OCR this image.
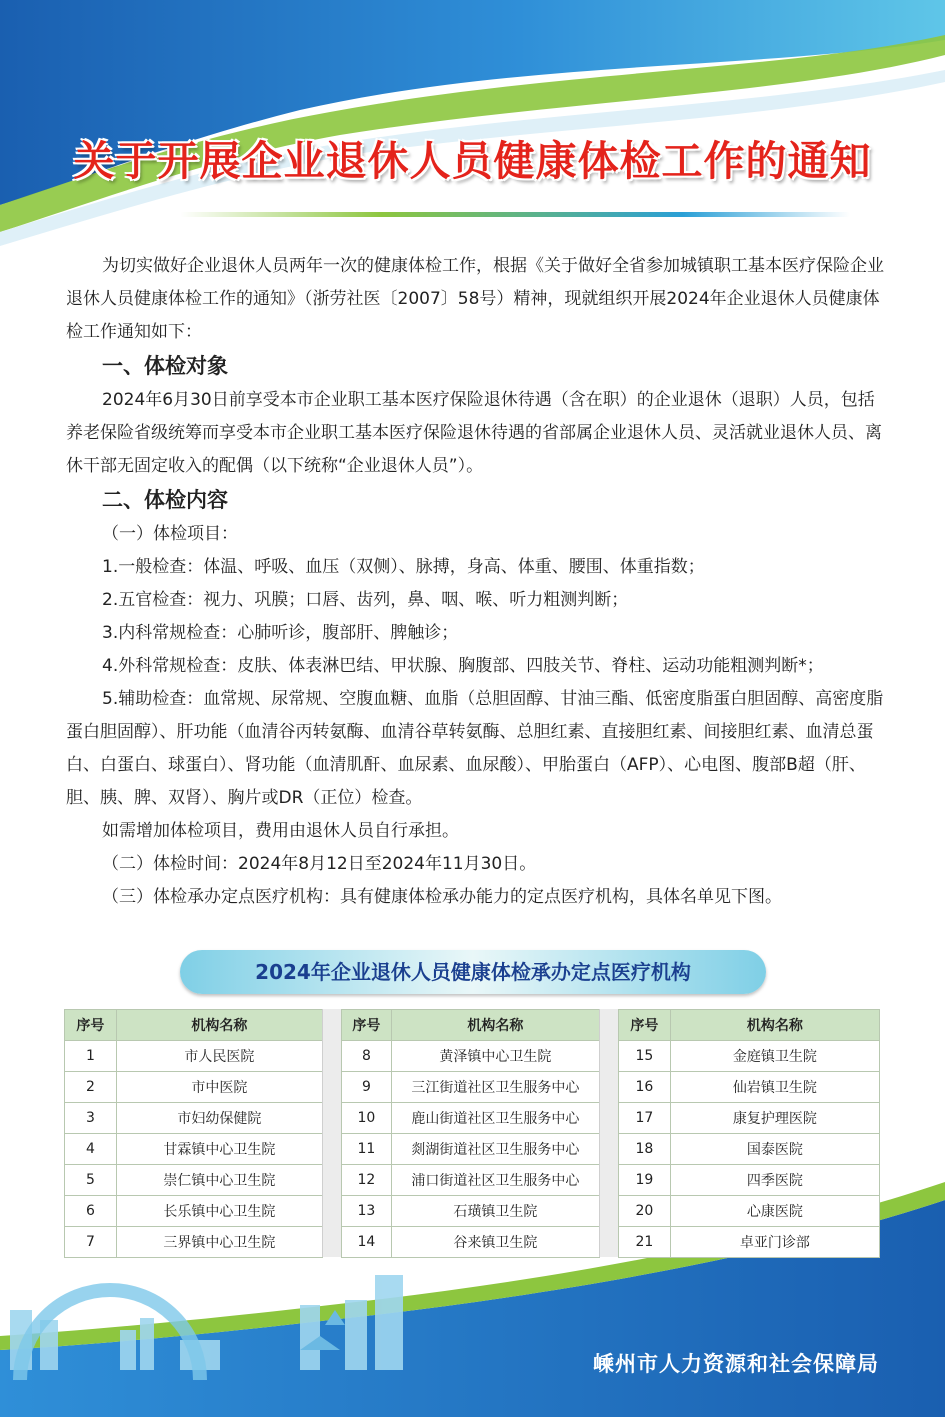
关于开展企业退休人员健康体检工作的通知

为切实做好企业退休人员两年一次的健康体检工作，根据《关于做好全省参加城镇职工基本医疗保险企业退休人员健康体检工作的通知》（浙劳社医〔2007〕58号）精神，现就组织开展2024年企业退休人员健康体检工作通知如下：

一、体检对象

2024年6月30日前享受本市企业职工基本医疗保险退休待遇（含在职）的企业退休（退职）人员，包括养老保险省级统筹而享受本市企业职工基本医疗保险退休待遇的省部属企业退休人员、灵活就业退休人员、离休干部无固定收入的配偶（以下统称“企业退休人员”）。

二、体检内容

（一）体检项目：

1.一般检查：体温、呼吸、血压（双侧）、脉搏，身高、体重、腰围、体重指数；

2.五官检查：视力、巩膜；口唇、齿列，鼻、咽、喉、听力粗测判断；

3.内科常规检查：心肺听诊，腹部肝、脾触诊；

4.外科常规检查：皮肤、体表淋巴结、甲状腺、胸腹部、四肢关节、脊柱、运动功能粗测判断*；

5.辅助检查：血常规、尿常规、空腹血糖、血脂（总胆固醇、甘油三酯、低密度脂蛋白胆固醇、高密度脂蛋白胆固醇）、肝功能（血清谷丙转氨酶、血清谷草转氨酶、总胆红素、直接胆红素、间接胆红素、血清总蛋白、白蛋白、球蛋白）、肾功能（血清肌酐、血尿素、血尿酸）、甲胎蛋白（AFP）、心电图、腹部B超（肝、胆、胰、脾、双肾）、胸片或DR（正位）检查。

如需增加体检项目，费用由退休人员自行承担。

（二）体检时间：2024年8月12日至2024年11月30日。

（三）体检承办定点医疗机构：具有健康体检承办能力的定点医疗机构，具体名单见下图。

2024年企业退休人员健康体检承办定点医疗机构
序号	机构名称
1	市人民医院
2	市中医院
3	市妇幼保健院
4	甘霖镇中心卫生院
5	崇仁镇中心卫生院
6	长乐镇中心卫生院
7	三界镇中心卫生院
序号	机构名称
8	黄泽镇中心卫生院
9	三江街道社区卫生服务中心
10	鹿山街道社区卫生服务中心
11	剡湖街道社区卫生服务中心
12	浦口街道社区卫生服务中心
13	石璜镇卫生院
14	谷来镇卫生院
序号	机构名称
15	金庭镇卫生院
16	仙岩镇卫生院
17	康复护理医院
18	国泰医院
19	四季医院
20	心康医院
21	卓亚门诊部
嵊州市人力资源和社会保障局
